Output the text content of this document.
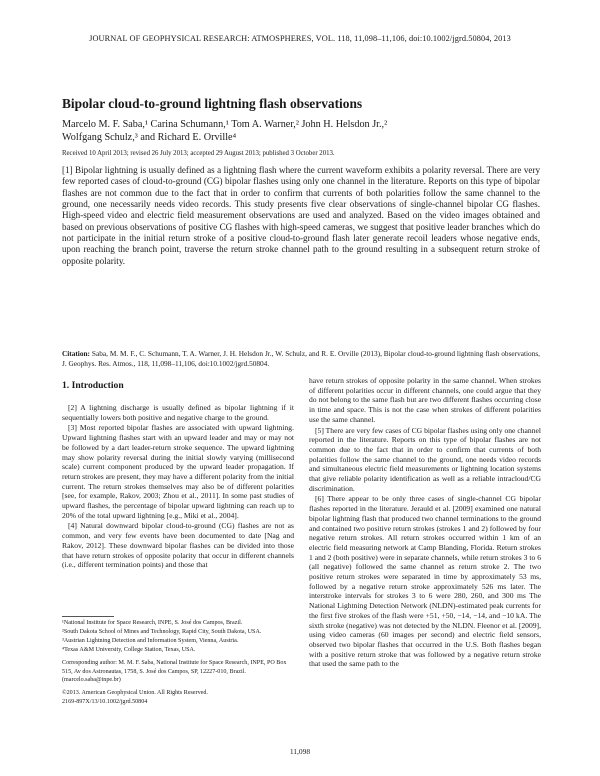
JOURNAL OF GEOPHYSICAL RESEARCH: ATMOSPHERES, VOL. 118, 11,098–11,106, doi:10.1002/jgrd.50804, 2013
Bipolar cloud-to-ground lightning flash observations
Marcelo M. F. Saba,¹ Carina Schumann,¹ Tom A. Warner,² John H. Helsdon Jr.,²
Wolfgang Schulz,³ and Richard E. Orville⁴
Received 10 April 2013; revised 26 July 2013; accepted 29 August 2013; published 3 October 2013.
[1] Bipolar lightning is usually defined as a lightning flash where the current waveform exhibits a polarity reversal. There are very few reported cases of cloud-to-ground (CG) bipolar flashes using only one channel in the literature. Reports on this type of bipolar flashes are not common due to the fact that in order to confirm that currents of both polarities follow the same channel to the ground, one necessarily needs video records. This study presents five clear observations of single-channel bipolar CG flashes. High-speed video and electric field measurement observations are used and analyzed. Based on the video images obtained and based on previous observations of positive CG flashes with high-speed cameras, we suggest that positive leader branches which do not participate in the initial return stroke of a positive cloud-to-ground flash later generate recoil leaders whose negative ends, upon reaching the branch point, traverse the return stroke channel path to the ground resulting in a subsequent return stroke of opposite polarity.
Citation: Saba, M. M. F., C. Schumann, T. A. Warner, J. H. Helsdon Jr., W. Schulz, and R. E. Orville (2013), Bipolar cloud-to-ground lightning flash observations, J. Geophys. Res. Atmos., 118, 11,098–11,106, doi:10.1002/jgrd.50804.
1. Introduction

[2] A lightning discharge is usually defined as bipolar lightning if it sequentially lowers both positive and negative charge to the ground.

[3] Most reported bipolar flashes are associated with upward lightning. Upward lightning flashes start with an upward leader and may or may not be followed by a dart leader-return stroke sequence. The upward lightning may show polarity reversal during the initial slowly varying (millisecond scale) current component produced by the upward leader propagation. If return strokes are present, they may have a different polarity from the initial current. The return strokes themselves may also be of different polarities [see, for example, Rakov, 2003; Zhou et al., 2011]. In some past studies of upward flashes, the percentage of bipolar upward lightning can reach up to 20% of the total upward lightning [e.g., Miki et al., 2004].

[4] Natural downward bipolar cloud-to-ground (CG) flashes are not as common, and very few events have been documented to date [Nag and Rakov, 2012]. These downward bipolar flashes can be divided into those that have return strokes of opposite polarity that occur in different channels (i.e., different termination points) and those that

have return strokes of opposite polarity in the same channel. When strokes of different polarities occur in different channels, one could argue that they do not belong to the same flash but are two different flashes occurring close in time and space. This is not the case when strokes of different polarities use the same channel.

[5] There are very few cases of CG bipolar flashes using only one channel reported in the literature. Reports on this type of bipolar flashes are not common due to the fact that in order to confirm that currents of both polarities follow the same channel to the ground, one needs video records and simultaneous electric field measurements or lightning location systems that give reliable polarity identification as well as a reliable intracloud/CG discrimination.

[6] There appear to be only three cases of single-channel CG bipolar flashes reported in the literature. Jerauld et al. [2009] examined one natural bipolar lightning flash that produced two channel terminations to the ground and contained two positive return strokes (strokes 1 and 2) followed by four negative return strokes. All return strokes occurred within 1 km of an electric field measuring network at Camp Blanding, Florida. Return strokes 1 and 2 (both positive) were in separate channels, while return strokes 3 to 6 (all negative) followed the same channel as return stroke 2. The two positive return strokes were separated in time by approximately 53 ms, followed by a negative return stroke approximately 526 ms later. The interstroke intervals for strokes 3 to 6 were 280, 260, and 300 ms The National Lightning Detection Network (NLDN)-estimated peak currents for the first five strokes of the flash were +51, +50, −14, −14, and −10 kA. The sixth stroke (negative) was not detected by the NLDN. Fleenor et al. [2009], using video cameras (60 images per second) and electric field sensors, observed two bipolar flashes that occurred in the U.S. Both flashes began with a positive return stroke that was followed by a negative return stroke that used the same path to the

¹National Institute for Space Research, INPE, S. José dos Campos, Brazil.

²South Dakota School of Mines and Technology, Rapid City, South Dakota, USA.

³Austrian Lightning Detection and Information System, Vienna, Austria.

⁴Texas A&M University, College Station, Texas, USA.

Corresponding author: M. M. F. Saba, National Institute for Space Research, INPE, PO Box 515, Av dos Astronautas, 1758, S. José dos Campos, SP, 12227-010, Brazil. (marcelo.saba@inpe.br)

©2013. American Geophysical Union. All Rights Reserved.

2169-897X/13/10.1002/jgrd.50804

11,098
